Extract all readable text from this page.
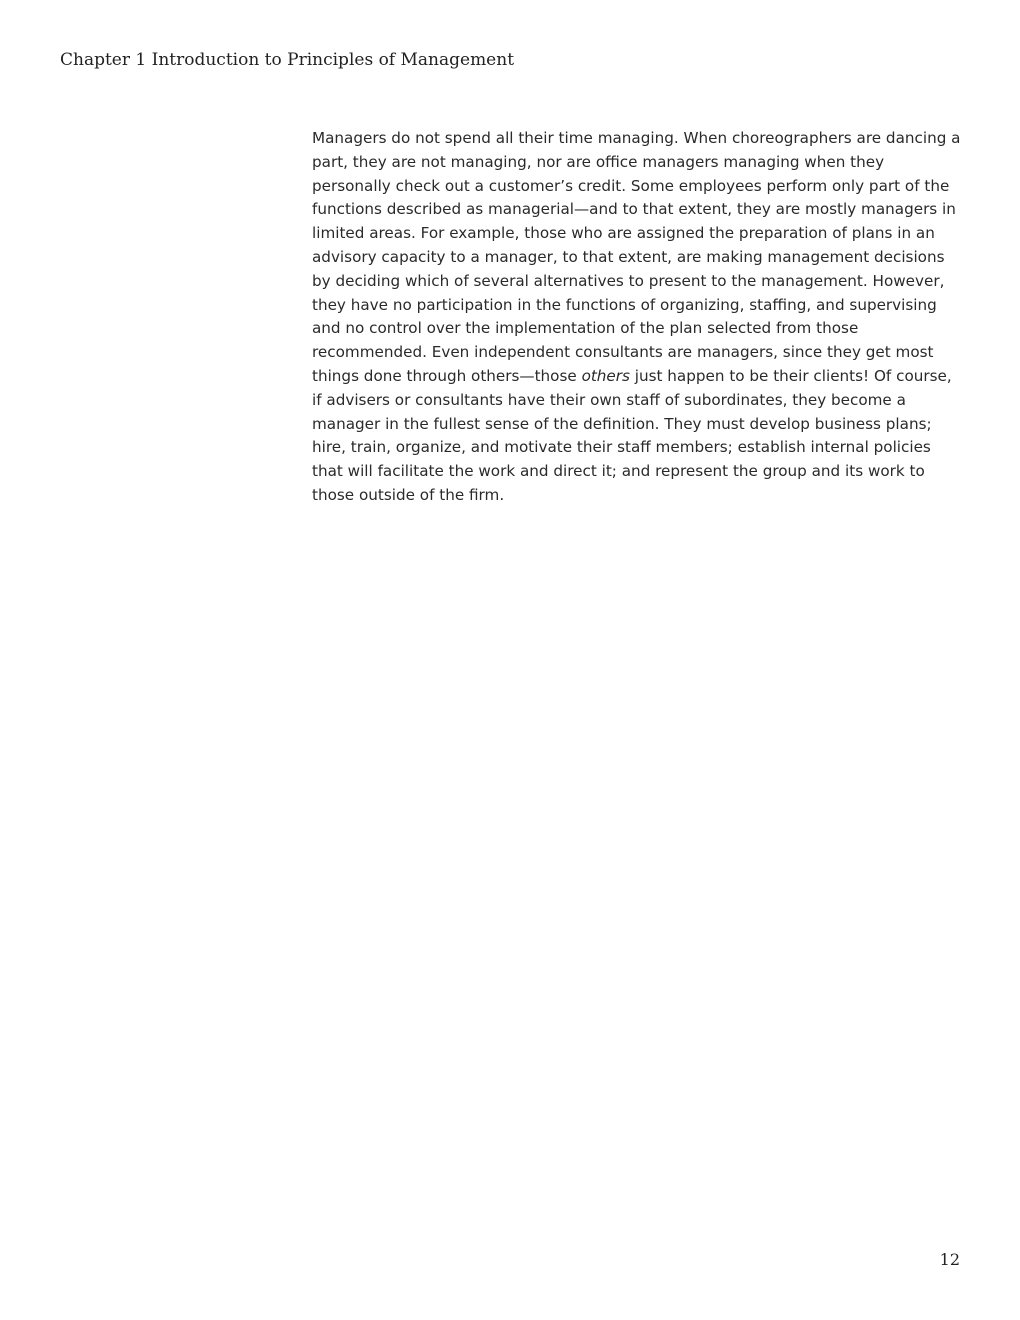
Chapter 1 Introduction to Principles of Management

Managers do not spend all their time managing. When choreographers are dancing a part, they are not managing, nor are office managers managing when they personally check out a customer’s credit. Some employees perform only part of the functions described as managerial—and to that extent, they are mostly managers in limited areas. For example, those who are assigned the preparation of plans in an advisory capacity to a manager, to that extent, are making management decisions by deciding which of several alternatives to present to the management. However, they have no participation in the functions of organizing, staffing, and supervising and no control over the implementation of the plan selected from those recommended. Even independent consultants are managers, since they get most things done through others—those others just happen to be their clients! Of course, if advisers or consultants have their own staff of subordinates, they become a manager in the fullest sense of the definition. They must develop business plans; hire, train, organize, and motivate their staff members; establish internal policies that will facilitate the work and direct it; and represent the group and its work to those outside of the firm.

12
